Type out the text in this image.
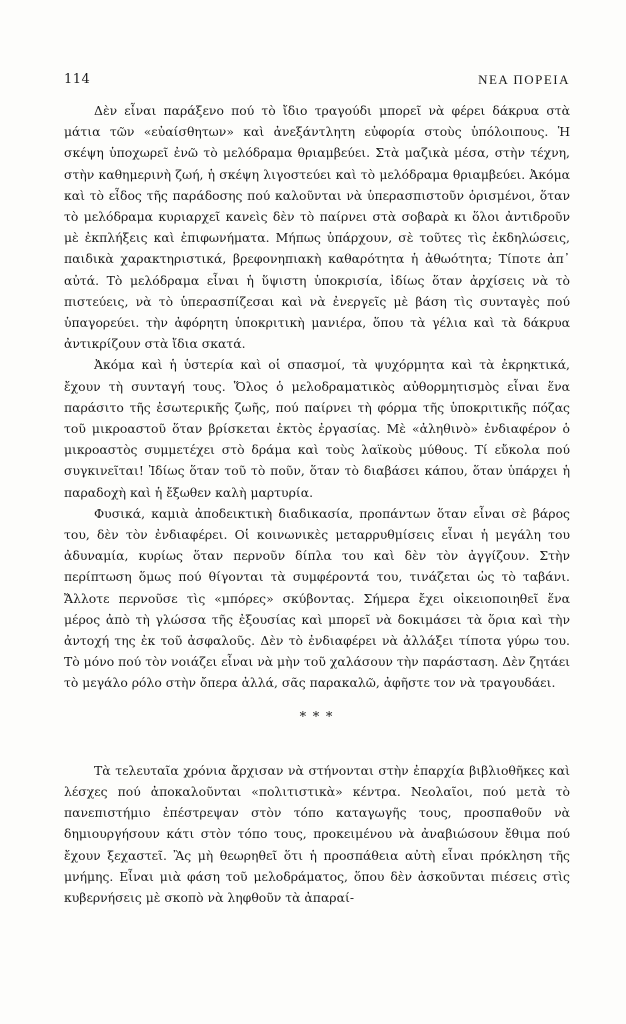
114	ΝΕΑ ΠΟΡΕΙΑ

Δὲν εἶναι παράξενο πού τὸ ἴδιο τραγούδι μπορεῖ νὰ φέρει δάκρυα στὰ μάτια τῶν «εὐαίσθητων» καὶ ἀνεξάντλητη εὐφορία στοὺς ὑπόλοιπους. Ἡ σκέψη ὑποχωρεῖ ἐνῶ τὸ μελόδραμα θριαμβεύει. Στὰ μαζικὰ μέσα, στὴν τέχνη, στὴν καθημερινὴ ζωή, ἡ σκέψη λιγοστεύει καὶ τὸ μελόδραμα θριαμβεύει. Ἀκόμα καὶ τὸ εἶδος τῆς παράδοσης πού καλοῦνται νὰ ὑπερασπιστοῦν ὁρισμένοι, ὅταν τὸ μελόδραμα κυριαρχεῖ κανεὶς δὲν τὸ παίρνει στὰ σοβαρὰ κι ὅλοι ἀντιδροῦν μὲ ἐκπλήξεις καὶ ἐπιφωνήματα. Μήπως ὑπάρχουν, σὲ τοῦτες τὶς ἐκδηλώσεις, παιδικὰ χαρακτηριστικά, βρεφονηπιακὴ καθαρότητα ἡ ἀθωότητα; Τίποτε ἀπ᾽ αὐτά. Τὸ μελόδραμα εἶναι ἡ ὕψιστη ὑποκρισία, ἰδίως ὅταν ἀρχίσεις νὰ τὸ πιστεύεις, νὰ τὸ ὑπερασπίζεσαι καὶ νὰ ἐνεργεῖς μὲ βάση τὶς συνταγὲς πού ὑπαγορεύει. τὴν ἀφόρητη ὑποκριτικὴ μανιέρα, ὅπου τὰ γέλια καὶ τὰ δάκρυα ἀντικρίζουν στὰ ἴδια σκατά.

Ἀκόμα καὶ ἡ ὑστερία καὶ οἱ σπασμοί, τὰ ψυχόρμητα καὶ τὰ ἐκρηκτικά, ἔχουν τὴ συνταγή τους. Ὅλος ὁ μελοδραματικὸς αὐθορμητισμὸς εἶναι ἕνα παράσιτο τῆς ἐσωτερικῆς ζωῆς, πού παίρνει τὴ φόρμα τῆς ὑποκριτικῆς πόζας τοῦ μικροαστοῦ ὅταν βρίσκεται ἐκτὸς ἐργασίας. Μὲ «ἀληθινὸ» ἐνδιαφέρον ὁ μικροαστὸς συμμετέχει στὸ δράμα καὶ τοὺς λαϊκοὺς μύθους. Τί εὔκολα πού συγκινεῖται! Ἰδίως ὅταν τοῦ τὸ ποῦν, ὅταν τὸ διαβάσει κάπου, ὅταν ὑπάρχει ἡ παραδοχὴ καὶ ἡ ἔξωθεν καλὴ μαρτυρία.

Φυσικά, καμιὰ ἀποδεικτικὴ διαδικασία, προπάντων ὅταν εἶναι σὲ βάρος του, δὲν τὸν ἐνδιαφέρει. Οἱ κοινωνικὲς μεταρρυθμίσεις εἶναι ἡ μεγάλη του ἀδυναμία, κυρίως ὅταν περνοῦν δίπλα του καὶ δὲν τὸν ἀγγίζουν. Στὴν περίπτωση ὅμως πού θίγονται τὰ συμφέροντά του, τινάζεται ὡς τὸ ταβάνι. Ἄλλοτε περνοῦσε τὶς «μπόρες» σκύβοντας. Σήμερα ἔχει οἰκειοποιηθεῖ ἕνα μέρος ἀπὸ τὴ γλώσσα τῆς ἐξουσίας καὶ μπορεῖ νὰ δοκιμάσει τὰ ὅρια καὶ τὴν ἀντοχή της ἐκ τοῦ ἀσφαλοῦς. Δὲν τὸ ἐνδιαφέρει νὰ ἀλλάξει τίποτα γύρω του. Τὸ μόνο πού τὸν νοιάζει εἶναι νὰ μὴν τοῦ χαλάσουν τὴν παράσταση. Δὲν ζητάει τὸ μεγάλο ρόλο στὴν ὄπερα ἀλλά, σᾶς παρακαλῶ, ἀφῆστε τον νὰ τραγουδάει.

* * *

Τὰ τελευταῖα χρόνια ἄρχισαν νὰ στήνονται στὴν ἐπαρχία βιβλιοθῆκες καὶ λέσχες πού ἀποκαλοῦνται «πολιτιστικὰ» κέντρα. Νεολαῖοι, πού μετὰ τὸ πανεπιστήμιο ἐπέστρεψαν στὸν τόπο καταγωγῆς τους, προσπαθοῦν νὰ δημιουργήσουν κάτι στὸν τόπο τους, προκειμένου νὰ ἀναβιώσουν ἔθιμα πού ἔχουν ξεχαστεῖ. Ἂς μὴ θεωρηθεῖ ὅτι ἡ προσπάθεια αὐτὴ εἶναι πρόκληση τῆς μνήμης. Εἶναι μιὰ φάση τοῦ μελοδράματος, ὅπου δὲν ἀσκοῦνται πιέσεις στὶς κυβερνήσεις μὲ σκοπὸ νὰ ληφθοῦν τὰ ἀπαραί-
